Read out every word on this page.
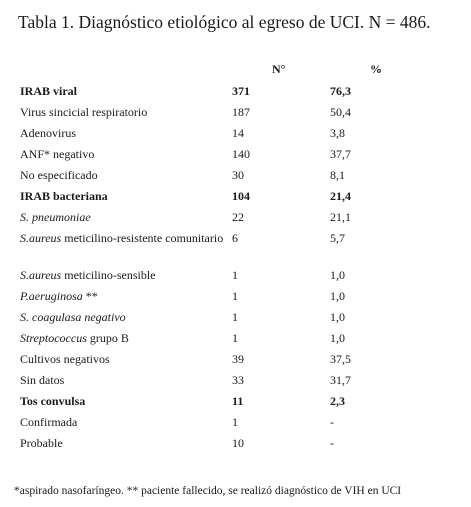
Tabla 1. Diagnóstico etiológico al egreso de UCI. N = 486.
	N°	%
IRAB viral	371	76,3
Virus sincicial respiratorio	187	50,4
Adenovirus	14	3,8
ANF* negativo	140	37,7
No especificado	30	8,1
IRAB bacteriana	104	21,4
S. pneumoniae	22	21,1
S.aureus meticilino-resistente comunitario	6	5,7
S.aureus meticilino-sensible	1	1,0
P.aeruginosa **	1	1,0
S. coagulasa negativo	1	1,0
Streptococcus grupo B	1	1,0
Cultivos negativos	39	37,5
Sin datos	33	31,7
Tos convulsa	11	2,3
Confirmada	1	-
Probable	10	-
*aspirado nasofaríngeo. ** paciente fallecido, se realizó diagnóstico de VIH en UCI
